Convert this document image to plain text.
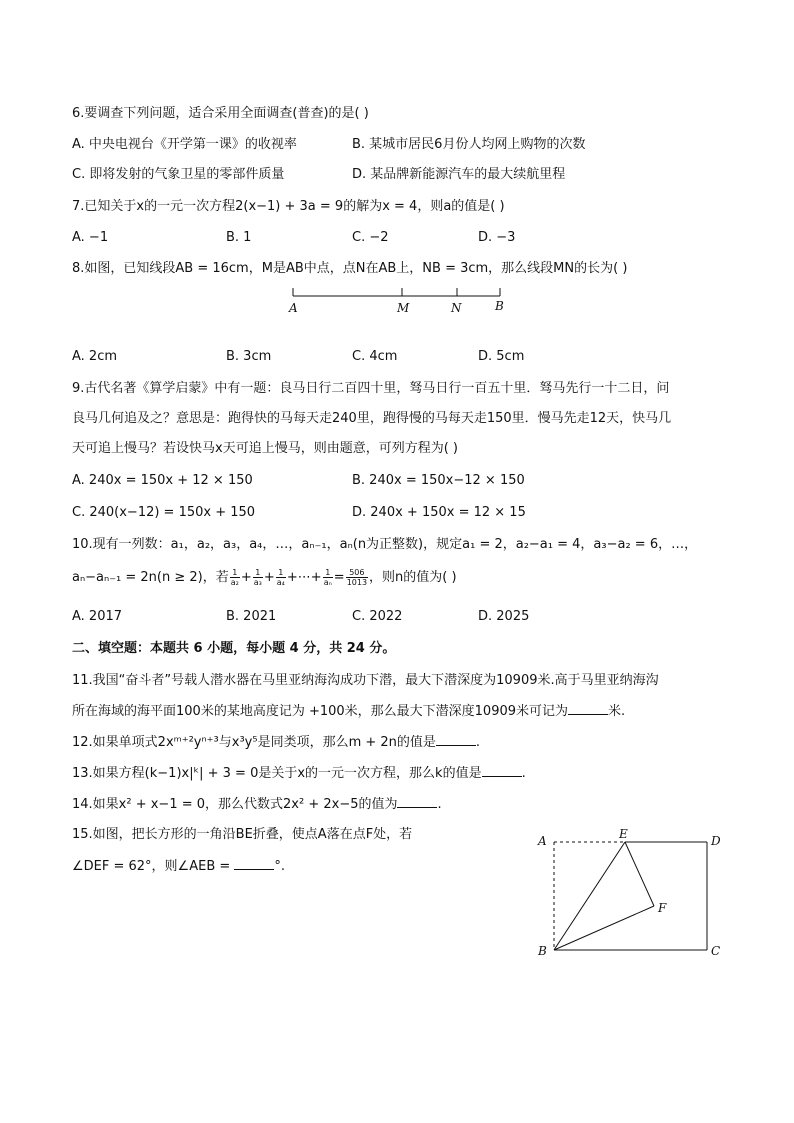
6.要调查下列问题，适合采用全面调查(普查)的是( )
A. 中央电视台《开学第一课》的收视率	B. 某城市居民6月份人均网上购物的次数
C. 即将发射的气象卫星的零部件质量	D. 某品牌新能源汽车的最大续航里程
7.已知关于x的一元一次方程2(x−1) + 3a = 9的解为x = 4，则a的值是( )
A. −1	B. 1	C. −2	D. −3
8.如图，已知线段AB = 16cm，M是AB中点，点N在AB上，NB = 3cm，那么线段MN的长为( )
A	M	N	B
A. 2cm	B. 3cm	C. 4cm	D. 5cm
9.古代名著《算学启蒙》中有一题：良马日行二百四十里，驽马日行一百五十里．驽马先行一十二日，问
良马几何追及之？意思是：跑得快的马每天走240里，跑得慢的马每天走150里．慢马先走12天，快马几
天可追上慢马？若设快马x天可追上慢马，则由题意，可列方程为( )
A. 240x = 150x + 12 × 150	B. 240x = 150x−12 × 150
C. 240(x−12) = 150x + 150	D. 240x + 150x = 12 × 15
10.现有一列数：a₁，a₂，a₃，a₄，…，aₙ₋₁，aₙ(n为正整数)，规定a₁ = 2，a₂−a₁ = 4，a₃−a₂ = 6，…，
aₙ−aₙ₋₁ = 2n(n ≥ 2)，若 $\frac{1}{\text{a₂}} + \frac{1}{\text{a₃}} + \frac{1}{\text{a₄}}$ +⋯+ $\frac{1}{\text{aₙ}} = \frac{506}{1013}$ ，则n的值为( )
A. 2017	B. 2021	C. 2022	D. 2025
二、填空题：本题共 6 小题，每小题 4 分，共 24 分。
11.我国“奋斗者”号载人潜水器在马里亚纳海沟成功下潜，最大下潜深度为10909米.高于马里亚纳海沟
所在海域的海平面100米的某地高度记为 +100米，那么最大下潜深度10909米可记为	米.
12.如果单项式2xᵐ⁺²yⁿ⁺³与x³y⁵是同类项，那么m + 2n的值是	.
13.如果方程(k−1)x|ᵏ| + 3 = 0是关于x的一元一次方程，那么k的值是	.
14.如果x² + x−1 = 0，那么代数式2x² + 2x−5的值为	.
15.如图，把长方形的一角沿BE折叠，使点A落在点F处，若
∠DEF = 62°，则∠AEB =	°.
A	E	D
F
B	C
